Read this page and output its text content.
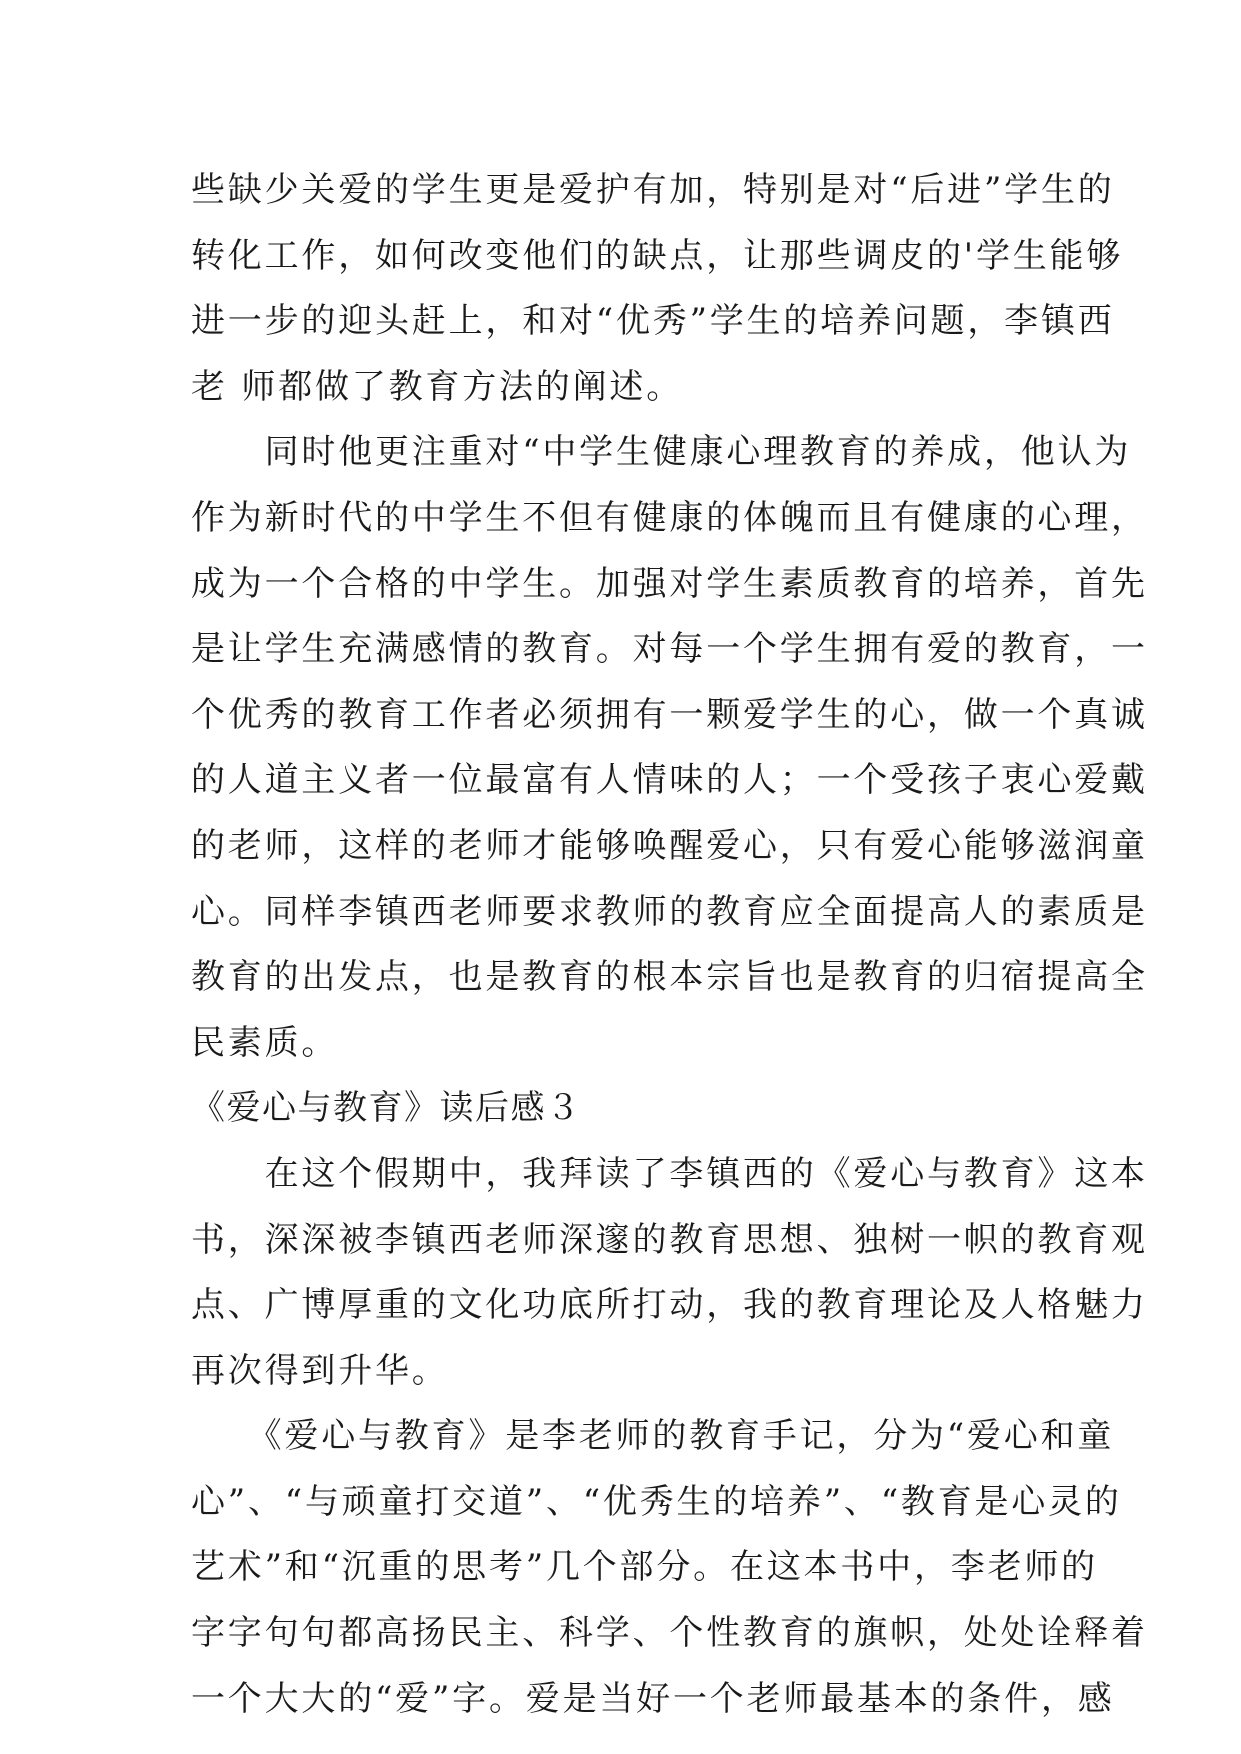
些缺少关爱的学生更是爱护有加，特别是对“后进”学生的
转化工作，如何改变他们的缺点，让那些调皮的'学生能够
进一步的迎头赶上，和对“优秀”学生的培养问题，李镇西
老 师都做了教育方法的阐述。
　　同时他更注重对“中学生健康心理教育的养成，他认为
作为新时代的中学生不但有健康的体魄而且有健康的心理，
成为一个合格的中学生。加强对学生素质教育的培养，首先
是让学生充满感情的教育。对每一个学生拥有爱的教育，一
个优秀的教育工作者必须拥有一颗爱学生的心，做一个真诚
的人道主义者一位最富有人情味的人；一个受孩子衷心爱戴
的老师，这样的老师才能够唤醒爱心，只有爱心能够滋润童
心。同样李镇西老师要求教师的教育应全面提高人的素质是
教育的出发点，也是教育的根本宗旨也是教育的归宿提高全
民素质。
《爱心与教育》读后感３
　　在这个假期中，我拜读了李镇西的《爱心与教育》这本
书，深深被李镇西老师深邃的教育思想、独树一帜的教育观
点、广博厚重的文化功底所打动，我的教育理论及人格魅力
再次得到升华。
　　《爱心与教育》是李老师的教育手记，分为“爱心和童
心”、“与顽童打交道”、“优秀生的培养”、“教育是心灵的
艺术”和“沉重的思考”几个部分。在这本书中，李老师的
字字句句都高扬民主、科学、个性教育的旗帜，处处诠释着
一个大大的“爱”字。爱是当好一个老师最基本的条件，感
